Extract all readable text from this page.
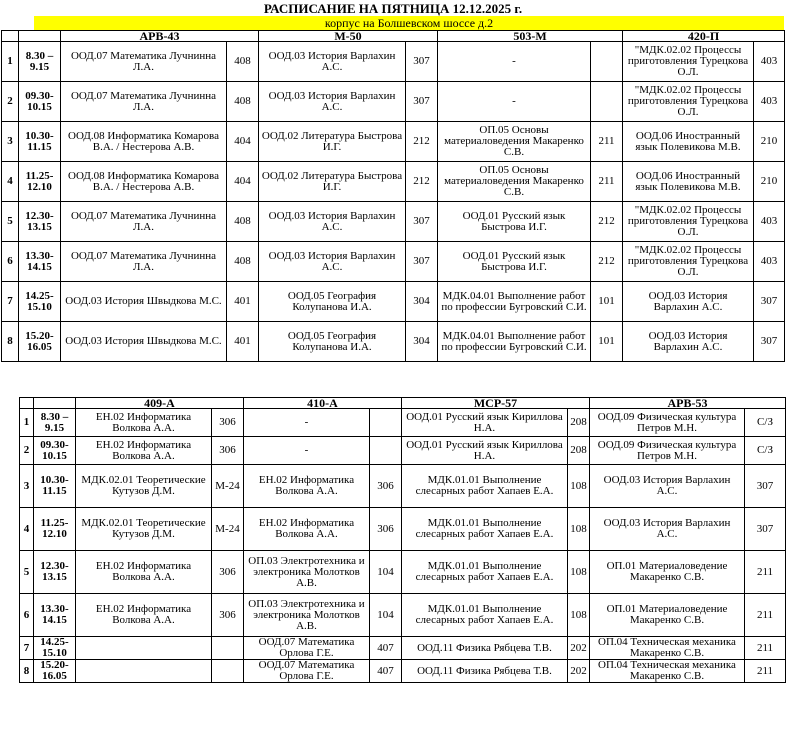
РАСПИСАНИЕ НА ПЯТНИЦА 12.12.2025 г.
корпус на Болшевском шоссе д.2
		АРВ-43		М-50		503-М		420-П	
1	8.30 – 9.15	ООД.07 Математика Лучнинна Л.А.	408	ООД.03 История Варлахин А.С.	307	-		"МДК.02.02 Процессы приготовления Турецкова О.Л.	403
2	09.30-10.15	ООД.07 Математика Лучнинна Л.А.	408	ООД.03 История Варлахин А.С.	307	-		"МДК.02.02 Процессы приготовления Турецкова О.Л.	403
3	10.30-11.15	ООД.08 Информатика Комарова В.А. / Нестерова А.В.	404	ООД.02 Литература Быстрова И.Г.	212	ОП.05 Основы материаловедения Макаренко С.В.	211	ООД.06 Иностранный язык Полевикова М.В.	210
4	11.25-12.10	ООД.08 Информатика Комарова В.А. / Нестерова А.В.	404	ООД.02 Литература Быстрова И.Г.	212	ОП.05 Основы материаловедения Макаренко С.В.	211	ООД.06 Иностранный язык Полевикова М.В.	210
5	12.30-13.15	ООД.07 Математика Лучнинна Л.А.	408	ООД.03 История Варлахин А.С.	307	ООД.01 Русский язык Быстрова И.Г.	212	"МДК.02.02 Процессы приготовления Турецкова О.Л.	403
6	13.30-14.15	ООД.07 Математика Лучнинна Л.А.	408	ООД.03 История Варлахин А.С.	307	ООД.01 Русский язык Быстрова И.Г.	212	"МДК.02.02 Процессы приготовления Турецкова О.Л.	403
7	14.25-15.10	ООД.03 История Швыдкова М.С.	401	ООД.05 География Колупанова И.А.	304	МДК.04.01 Выполнение работ по профессии Бугровский С.И.	101	ООД.03 История Варлахин А.С.	307
8	15.20-16.05	ООД.03 История Швыдкова М.С.	401	ООД.05 География Колупанова И.А.	304	МДК.04.01 Выполнение работ по профессии Бугровский С.И.	101	ООД.03 История Варлахин А.С.	307
		409-А		410-А		МСР-57		АРВ-53	
1	8.30 – 9.15	ЕН.02 Информатика Волкова А.А.	306	-		ООД.01 Русский язык Кириллова Н.А.	208	ООД.09 Физическая культура Петров М.Н.	С/З
2	09.30-10.15	ЕН.02 Информатика Волкова А.А.	306	-		ООД.01 Русский язык Кириллова Н.А.	208	ООД.09 Физическая культура Петров М.Н.	С/З
3	10.30-11.15	МДК.02.01 Теоретические Кутузов Д.М.	М-24	ЕН.02 Информатика Волкова А.А.	306	МДК.01.01 Выполнение слесарных работ Хапаев Е.А.	108	ООД.03 История Варлахин А.С.	307
4	11.25-12.10	МДК.02.01 Теоретические Кутузов Д.М.	М-24	ЕН.02 Информатика Волкова А.А.	306	МДК.01.01 Выполнение слесарных работ Хапаев Е.А.	108	ООД.03 История Варлахин А.С.	307
5	12.30-13.15	ЕН.02 Информатика Волкова А.А.	306	ОП.03 Электротехника и электроника Молотков А.В.	104	МДК.01.01 Выполнение слесарных работ Хапаев Е.А.	108	ОП.01 Материаловедение Макаренко С.В.	211
6	13.30-14.15	ЕН.02 Информатика Волкова А.А.	306	ОП.03 Электротехника и электроника Молотков А.В.	104	МДК.01.01 Выполнение слесарных работ Хапаев Е.А.	108	ОП.01 Материаловедение Макаренко С.В.	211
7	14.25-15.10			ООД.07 Математика Орлова Г.Е.	407	ООД.11 Физика Рябцева Т.В.	202	ОП.04 Техническая механика Макаренко С.В.	211
8	15.20-16.05			ООД.07 Математика Орлова Г.Е.	407	ООД.11 Физика Рябцева Т.В.	202	ОП.04 Техническая механика Макаренко С.В.	211
